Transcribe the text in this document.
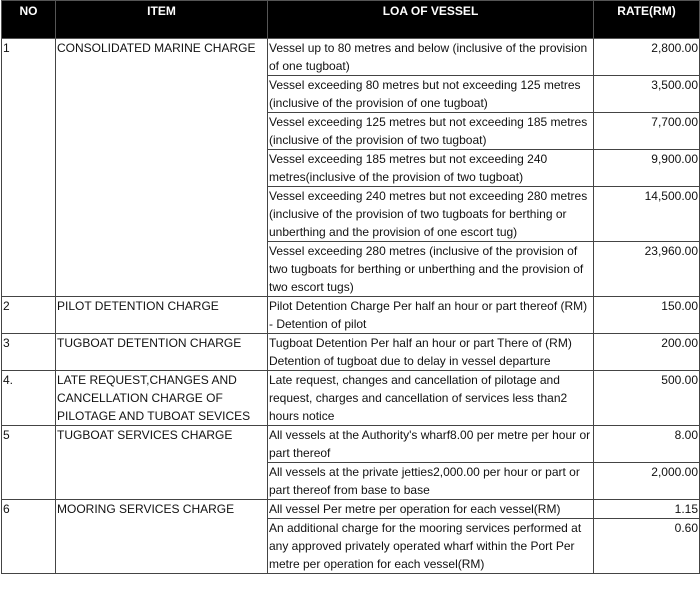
NO	ITEM	LOA OF VESSEL	RATE(RM)
1	CONSOLIDATED MARINE CHARGE	Vessel up to 80 metres and below (inclusive of the provision of one tugboat)	2,800.00
		Vessel exceeding 80 metres but not exceeding 125 metres (inclusive of the provision of one tugboat)	3,500.00
		Vessel exceeding 125 metres but not exceeding 185 metres (inclusive of the provision of two tugboat)	7,700.00
		Vessel exceeding 185 metres but not exceeding 240 metres(inclusive of the provision of two tugboat)	9,900.00
		Vessel exceeding 240 metres but not exceeding 280 metres (inclusive of the provision of two tugboats for berthing or unberthing and the provision of one escort tug)	14,500.00
		Vessel exceeding 280 metres (inclusive of the provision of two tugboats for berthing or unberthing and the provision of two escort tugs)	23,960.00
2	PILOT DETENTION CHARGE	Pilot Detention Charge Per half an hour or part thereof (RM) - Detention of pilot	150.00
3	TUGBOAT DETENTION CHARGE	Tugboat Detention Per half an hour or part There of (RM) Detention of tugboat due to delay in vessel departure	200.00
4.	LATE REQUEST,CHANGES AND CANCELLATION CHARGE OF PILOTAGE AND TUBOAT SEVICES	Late request, changes and cancellation of pilotage and request, charges and cancellation of services less than2 hours notice	500.00
5	TUGBOAT SERVICES CHARGE	All vessels at the Authority's wharf8.00 per metre per hour or part thereof	8.00
		All vessels at the private jetties2,000.00 per hour or part or part thereof from base to base	2,000.00
6	MOORING SERVICES CHARGE	All vessel Per metre per operation for each vessel(RM)	1.15
		An additional charge for the mooring services performed at any approved privately operated wharf within the Port Per metre per operation for each vessel(RM)	0.60
